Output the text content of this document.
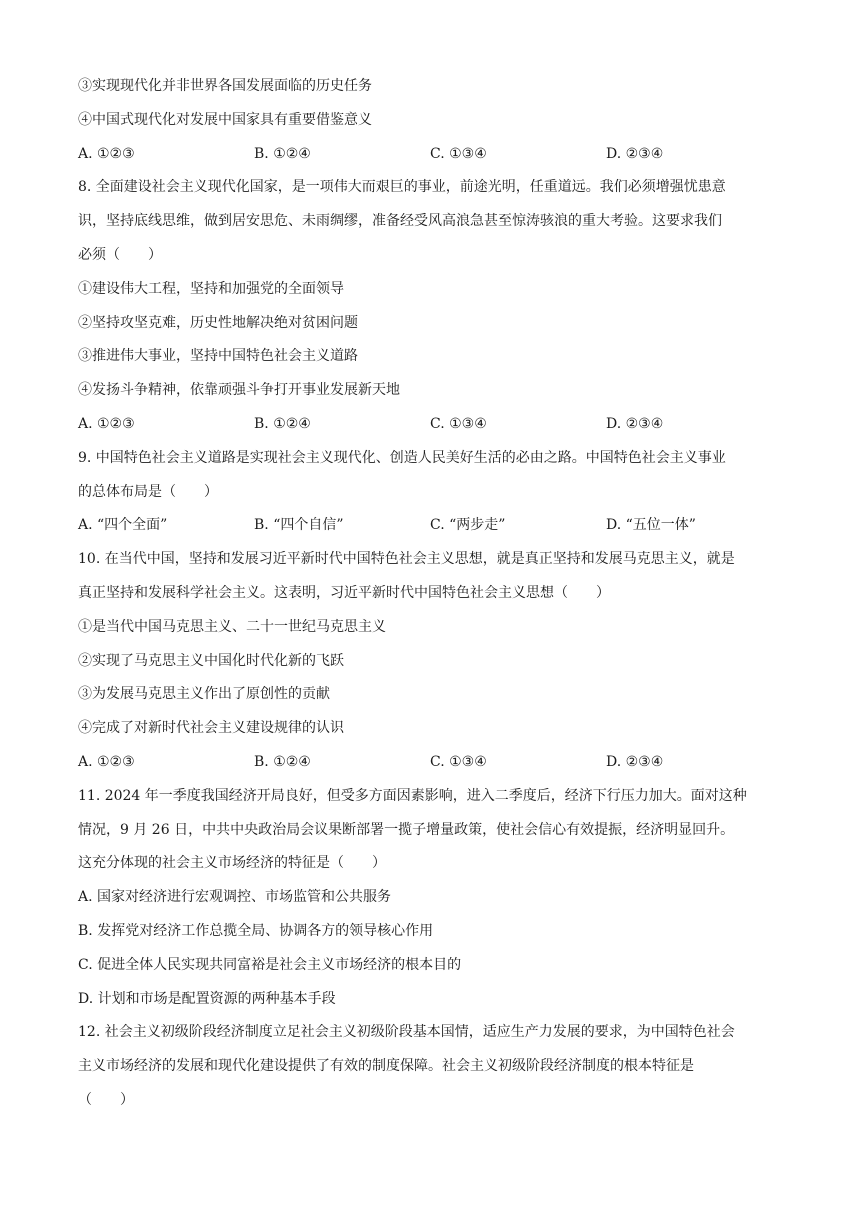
③实现现代化并非世界各国发展面临的历史任务
④中国式现代化对发展中国家具有重要借鉴意义
A. ①②③	B. ①②④	C. ①③④	D. ②③④
8. 全面建设社会主义现代化国家，是一项伟大而艰巨的事业，前途光明，任重道远。我们必须增强忧患意
识，坚持底线思维，做到居安思危、未雨绸缪，准备经受风高浪急甚至惊涛骇浪的重大考验。这要求我们
必须（　　）
①建设伟大工程，坚持和加强党的全面领导
②坚持攻坚克难，历史性地解决绝对贫困问题
③推进伟大事业，坚持中国特色社会主义道路
④发扬斗争精神，依靠顽强斗争打开事业发展新天地
A. ①②③	B. ①②④	C. ①③④	D. ②③④
9. 中国特色社会主义道路是实现社会主义现代化、创造人民美好生活的必由之路。中国特色社会主义事业
的总体布局是（　　）
A. “四个全面”	B. “四个自信”	C. “两步走”	D. “五位一体”
10. 在当代中国，坚持和发展习近平新时代中国特色社会主义思想，就是真正坚持和发展马克思主义，就是
真正坚持和发展科学社会主义。这表明，习近平新时代中国特色社会主义思想（　　）
①是当代中国马克思主义、二十一世纪马克思主义
②实现了马克思主义中国化时代化新的飞跃
③为发展马克思主义作出了原创性的贡献
④完成了对新时代社会主义建设规律的认识
A. ①②③	B. ①②④	C. ①③④	D. ②③④
11. 2024 年一季度我国经济开局良好，但受多方面因素影响，进入二季度后，经济下行压力加大。面对这种
情况，9 月 26 日，中共中央政治局会议果断部署一揽子增量政策，使社会信心有效提振，经济明显回升。
这充分体现的社会主义市场经济的特征是（　　）
A. 国家对经济进行宏观调控、市场监管和公共服务
B. 发挥党对经济工作总揽全局、协调各方的领导核心作用
C. 促进全体人民实现共同富裕是社会主义市场经济的根本目的
D. 计划和市场是配置资源的两种基本手段
12. 社会主义初级阶段经济制度立足社会主义初级阶段基本国情，适应生产力发展的要求，为中国特色社会
主义市场经济的发展和现代化建设提供了有效的制度保障。社会主义初级阶段经济制度的根本特征是
（　　）
